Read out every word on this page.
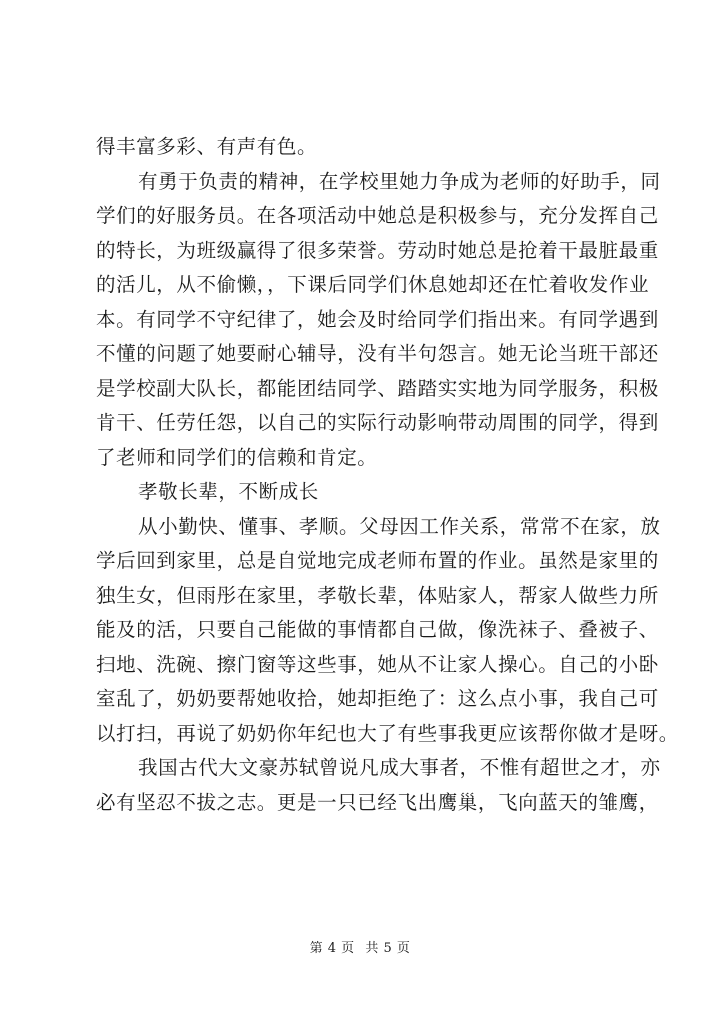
得丰富多彩、有声有色。
有勇于负责的精神，在学校里她力争成为老师的好助手，同
学们的好服务员。在各项活动中她总是积极参与，充分发挥自己
的特长，为班级赢得了很多荣誉。劳动时她总是抢着干最脏最重
的活儿，从不偷懒，，下课后同学们休息她却还在忙着收发作业
本。有同学不守纪律了，她会及时给同学们指出来。有同学遇到
不懂的问题了她要耐心辅导，没有半句怨言。她无论当班干部还
是学校副大队长，都能团结同学、踏踏实实地为同学服务，积极
肯干、任劳任怨，以自己的实际行动影响带动周围的同学，得到
了老师和同学们的信赖和肯定。
孝敬长辈，不断成长
从小勤快、懂事、孝顺。父母因工作关系，常常不在家，放
学后回到家里，总是自觉地完成老师布置的作业。虽然是家里的
独生女，但雨彤在家里，孝敬长辈，体贴家人，帮家人做些力所
能及的活，只要自己能做的事情都自己做，像洗袜子、叠被子、
扫地、洗碗、擦门窗等这些事，她从不让家人操心。自己的小卧
室乱了，奶奶要帮她收拾，她却拒绝了：这么点小事，我自己可
以打扫，再说了奶奶你年纪也大了有些事我更应该帮你做才是呀。
我国古代大文豪苏轼曾说凡成大事者，不惟有超世之才，亦
必有坚忍不拔之志。更是一只已经飞出鹰巢，飞向蓝天的雏鹰，
第 4 页 共 5 页
